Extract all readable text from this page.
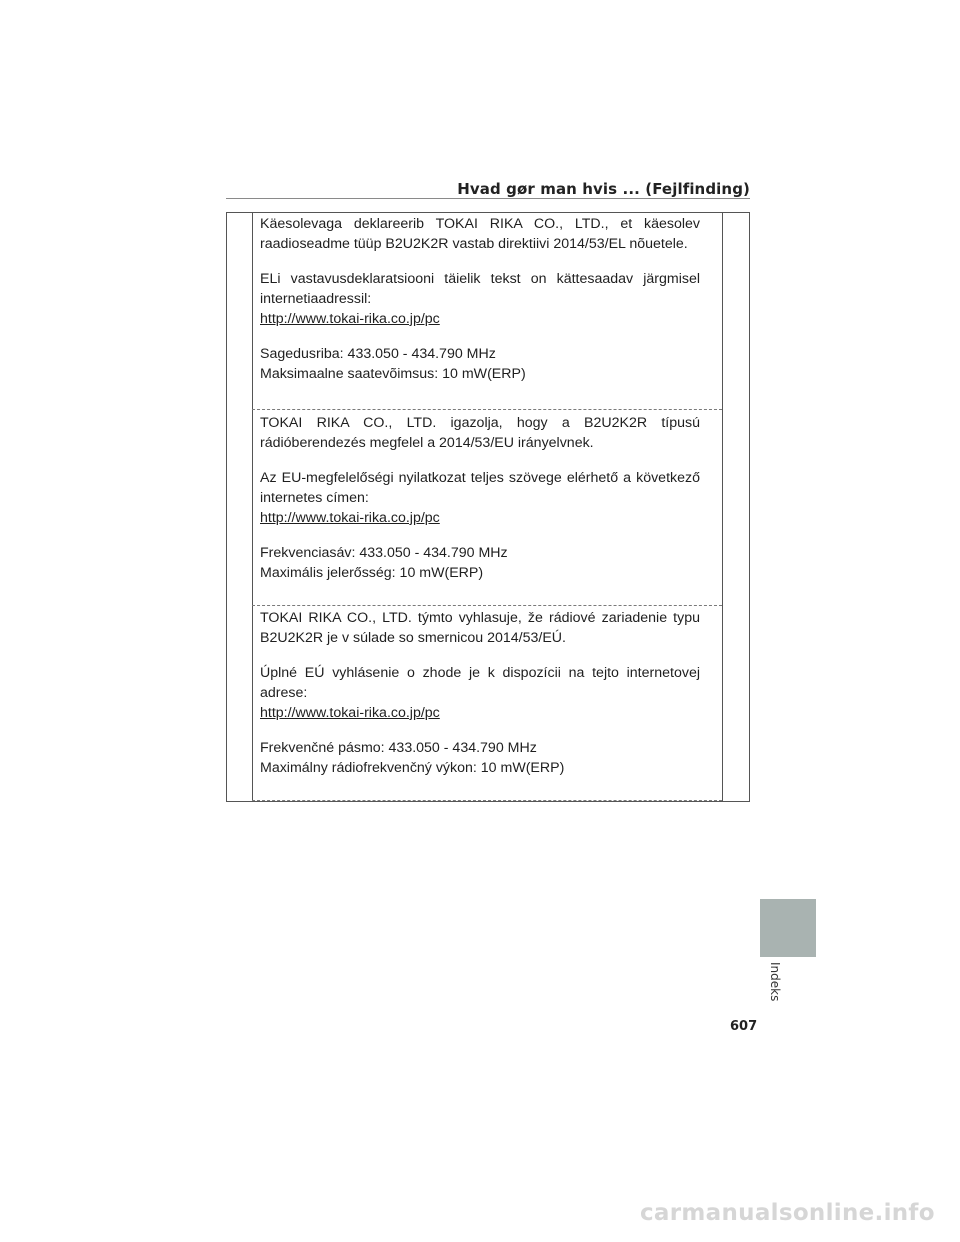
Hvad gør man hvis ... (Fejlfinding)

Käesolevaga deklareerib TOKAI RIKA CO., LTD., et käesolev raadioseadme tüüp B2U2K2R vastab direktiivi 2014/53/EL nõuetele.

ELi vastavusdeklaratsiooni täielik tekst on kättesaadav järgmisel internetiaadressil:
http://www.tokai-rika.co.jp/pc

Sagedusriba: 433.050 - 434.790 MHz
Maksimaalne saatevõimsus: 10 mW(ERP)

TOKAI RIKA CO., LTD. igazolja, hogy a B2U2K2R típusú rádióberendezés megfelel a 2014/53/EU irányelvnek.

Az EU-megfelelőségi nyilatkozat teljes szövege elérhető a következő internetes címen:
http://www.tokai-rika.co.jp/pc

Frekvenciasáv: 433.050 - 434.790 MHz
Maximális jelerősség: 10 mW(ERP)

TOKAI RIKA CO., LTD. týmto vyhlasuje, že rádiové zariadenie typu B2U2K2R je v súlade so smernicou 2014/53/EÚ.

Úplné EÚ vyhlásenie o zhode je k dispozícii na tejto internetovej adrese:
http://www.tokai-rika.co.jp/pc

Frekvenčné pásmo: 433.050 - 434.790 MHz
Maximálny rádiofrekvenčný výkon: 10 mW(ERP)

Indeks
607
carmanualsonline.info
